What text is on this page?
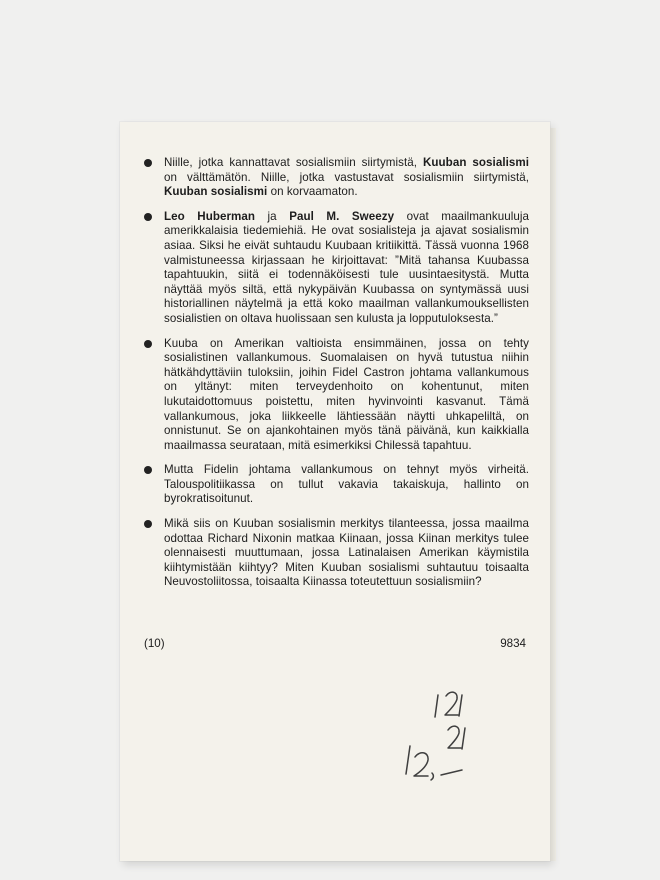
Niille, jotka kannattavat sosialismiin siirtymistä, Kuuban sosialismi on välttämätön. Niille, jotka vastustavat sosialismiin siirtymistä, Kuuban sosialismi on korvaamaton.
Leo Huberman ja Paul M. Sweezy ovat maailmankuuluja amerikkalaisia tiedemiehiä. He ovat sosialisteja ja ajavat sosialismin asiaa. Siksi he eivät suhtaudu Kuubaan kritiikittä. Tässä vuonna 1968 valmistuneessa kirjassaan he kirjoittavat: ”Mitä tahansa Kuubassa tapahtuukin, siitä ei todennäköisesti tule uusintaesitystä. Mutta näyttää myös siltä, että nykypäivän Kuubassa on syntymässä uusi historiallinen näytelmä ja että koko maailman vallankumouksellisten sosialistien on oltava huolissaan sen kulusta ja lopputuloksesta.”
Kuuba on Amerikan valtioista ensimmäinen, jossa on tehty sosialistinen vallankumous. Suomalaisen on hyvä tutustua niihin hätkähdyttäviin tuloksiin, joihin Fidel Castron johtama vallankumous on yltänyt: miten terveydenhoito on kohentunut, miten lukutaidottomuus poistettu, miten hyvinvointi kasvanut. Tämä vallankumous, joka liikkeelle lähtiessään näytti uhkapeliltä, on onnistunut. Se on ajankohtainen myös tänä päivänä, kun kaikkialla maailmassa seurataan, mitä esimerkiksi Chilessä tapahtuu.
Mutta Fidelin johtama vallankumous on tehnyt myös virheitä. Talouspolitiikassa on tullut vakavia takaiskuja, hallinto on byrokratisoitunut.
Mikä siis on Kuuban sosialismin merkitys tilanteessa, jossa maailma odottaa Richard Nixonin matkaa Kiinaan, jossa Kiinan merkitys tulee olennaisesti muuttumaan, jossa Latinalaisen Amerikan käymistila kiihtymistään kiihtyy? Miten Kuuban sosialismi suhtautuu toisaalta Neuvostoliitossa, toisaalta Kiinassa toteutettuun sosialismiin?
(10)	9834
